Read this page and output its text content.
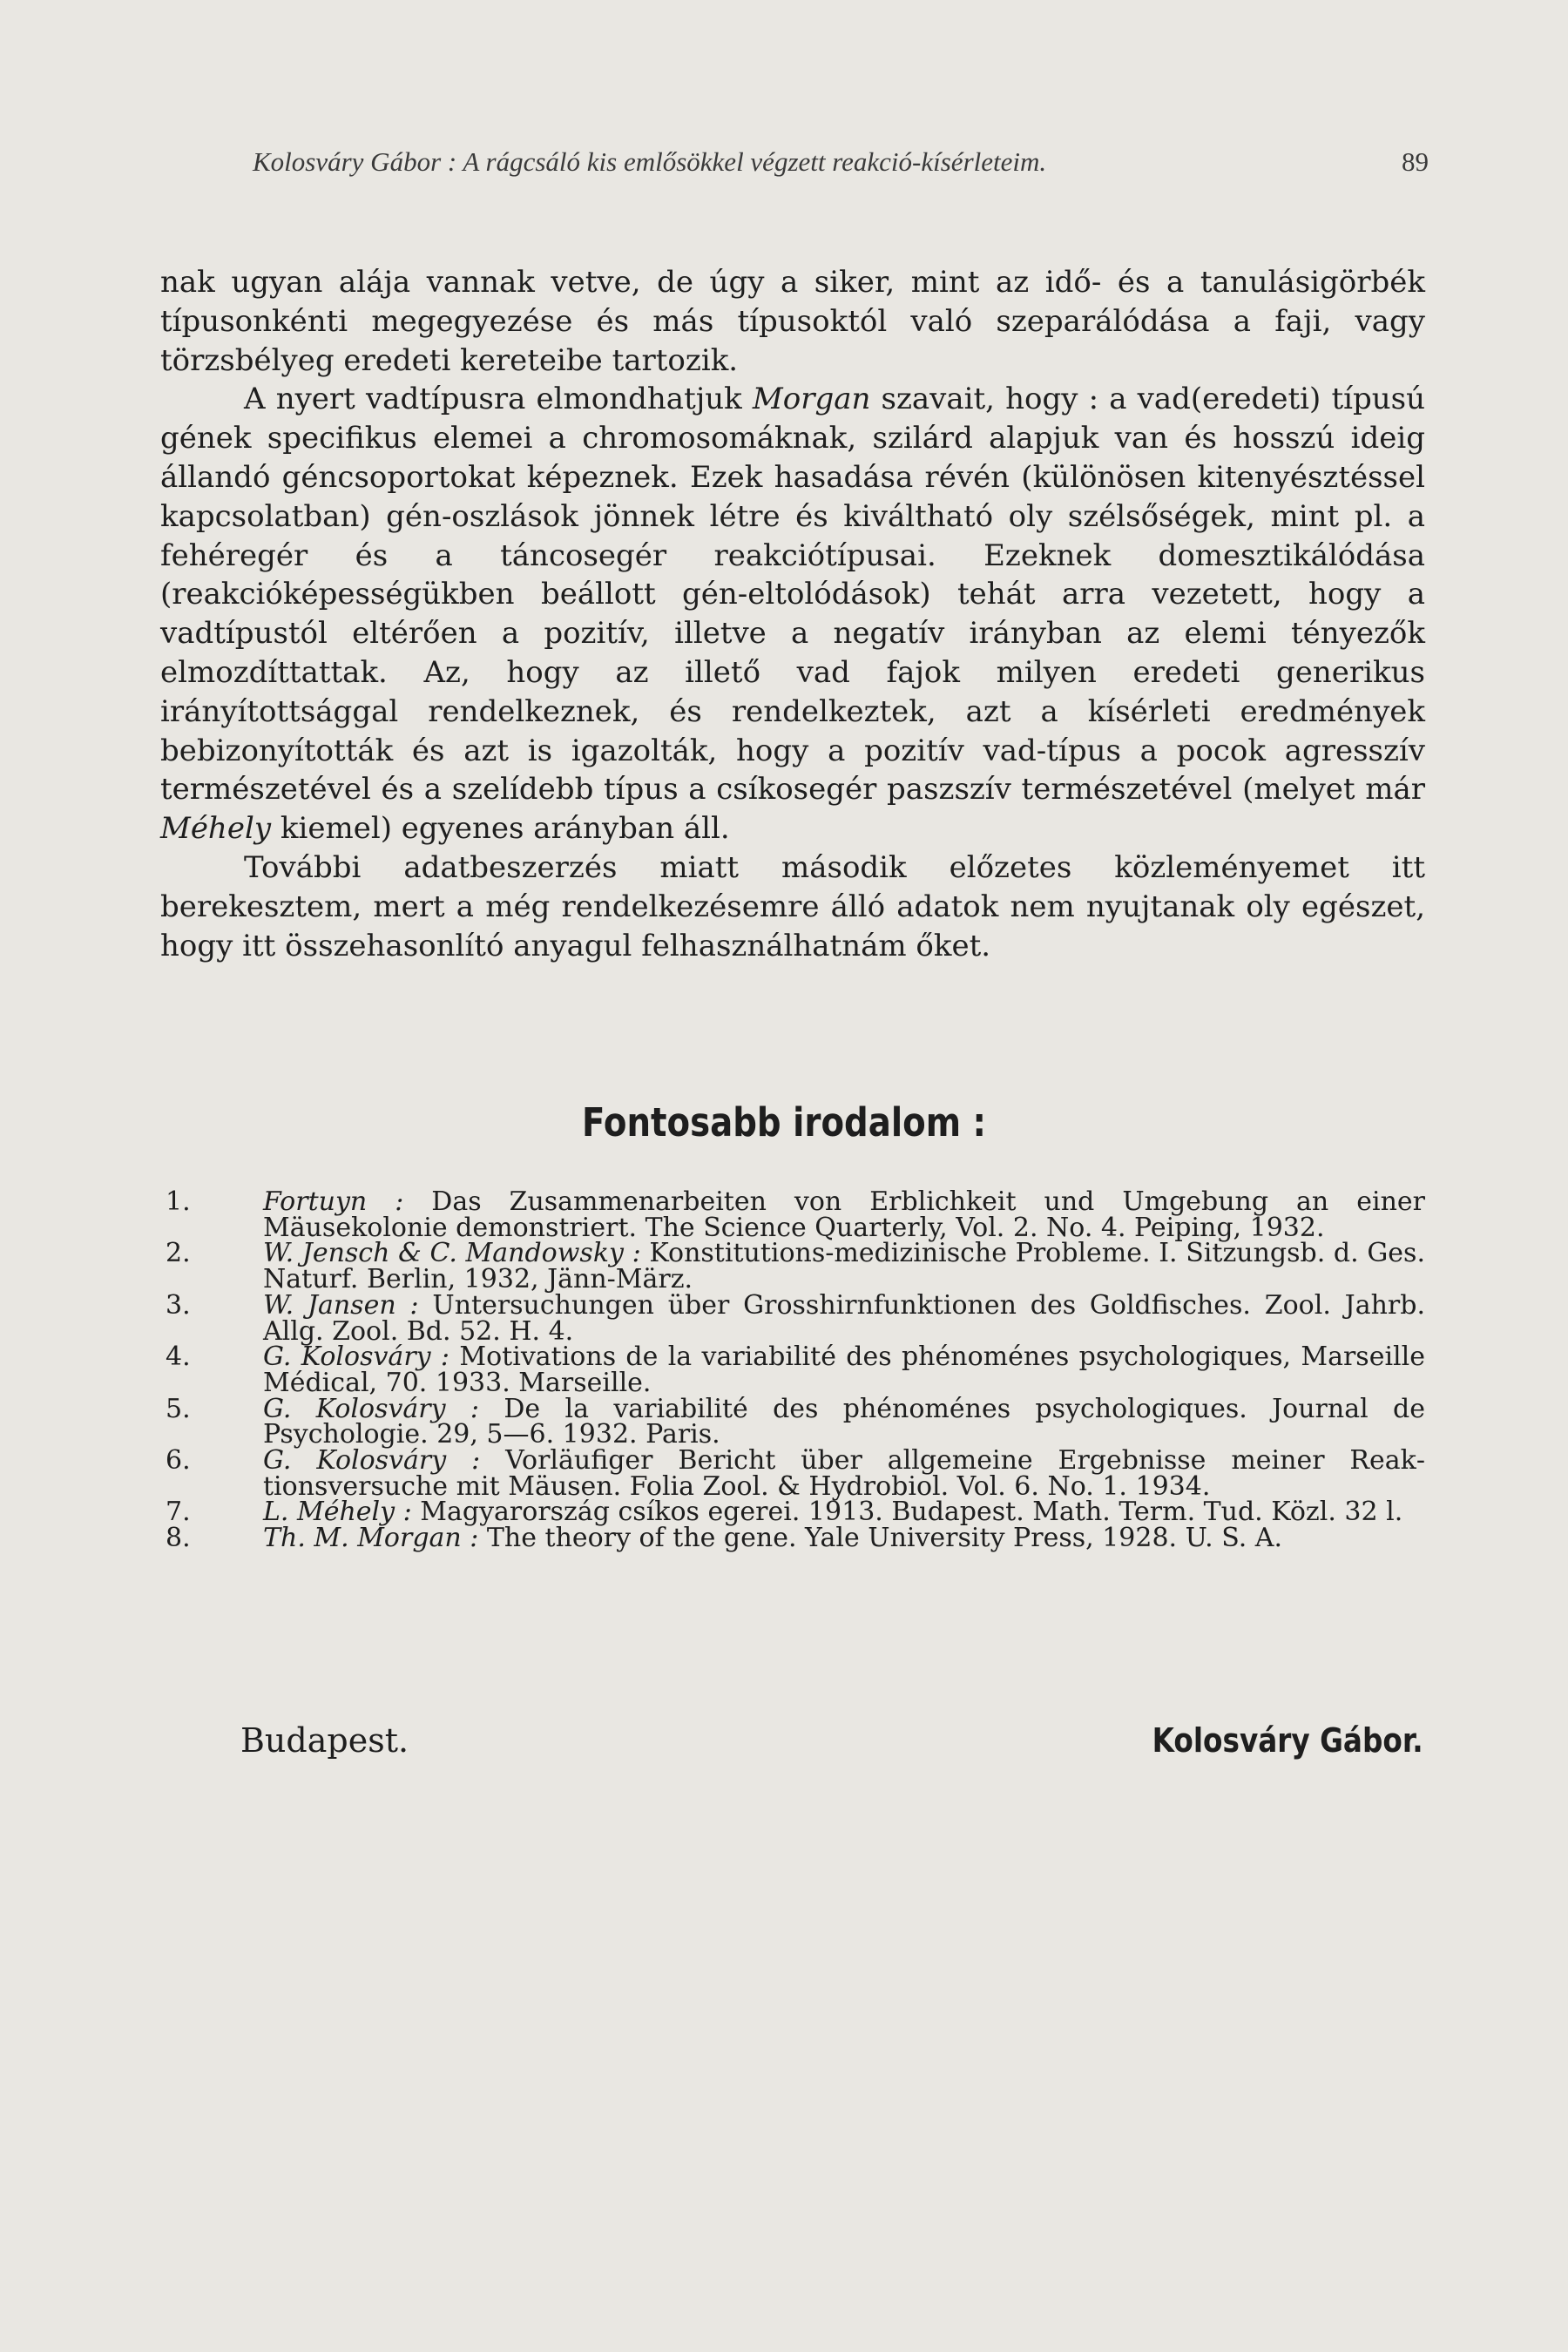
Kolosváry Gábor : A rágcsáló kis emlősökkel végzett reakció-kísérleteim.	89

nak ugyan alája vannak vetve, de úgy a siker, mint az idő- és a tanulásigörbék típusonkénti megegyezése és más típusoktól való szeparálódása a faji, vagy törzsbélyeg eredeti kereteibe tartozik.

A nyert vadtípusra elmondhatjuk Morgan szavait, hogy : a vad(eredeti) típusú gének specifikus elemei a chromosomáknak, szilárd alapjuk van és hosszú ideig állandó géncsoportokat képeznek. Ezek hasadása révén (különösen kitenyésztéssel kapcsolatban) gén-oszlások jönnek létre és kiváltható oly szélsőségek, mint pl. a fehéregér és a táncosegér reakciótípusai. Ezeknek domesztikálódása (reakcióképességükben beállott gén-eltolódások) tehát arra vezetett, hogy a vadtípustól eltérően a pozitív, illetve a negatív irányban az elemi tényezők elmozdíttattak. Az, hogy az illető vad fajok milyen eredeti generikus irányítottsággal rendelkeznek, és rendelkeztek, azt a kísérleti eredmények bebizonyították és azt is igazolták, hogy a pozitív vad-típus a pocok agresszív természetével és a szelídebb típus a csíkosegér paszszív természetével (melyet már Méhely kiemel) egyenes arányban áll.

További adatbeszerzés miatt második előzetes közleményemet itt berekesztem, mert a még rendelkezésemre álló adatok nem nyujtanak oly egészet, hogy itt összehasonlító anyagul felhasználhatnám őket.

Fontosabb irodalom :
1.	Fortuyn : Das Zusammenarbeiten von Erblichkeit und Umgebung an einer Mäusekolonie demonstriert. The Science Quarterly, Vol. 2. No. 4. Peiping, 1932.
2.	W. Jensch & C. Mandowsky : Konstitutions-medizinische Probleme. I. Sitzungsb. d. Ges. Naturf. Berlin, 1932, Jänn-März.
3.	W. Jansen : Untersuchungen über Grosshirnfunktionen des Goldfisches. Zool. Jahrb. Allg. Zool. Bd. 52. H. 4.
4.	G. Kolosváry : Motivations de la variabilité des phénoménes psychologiques, Marseille Médical, 70. 1933. Marseille.
5.	G. Kolosváry : De la variabilité des phénoménes psychologiques. Journal de Psychologie. 29, 5—6. 1932. Paris.
6.	G. Kolosváry : Vorläufiger Bericht über allgemeine Ergebnisse meiner Reaktionsversuche mit Mäusen. Folia Zool. & Hydrobiol. Vol. 6. No. 1. 1934.
7.	L. Méhely : Magyarország csíkos egerei. 1913. Budapest. Math. Term. Tud. Közl. 32 l.
8.	Th. M. Morgan : The theory of the gene. Yale University Press, 1928. U. S. A.
Budapest.	Kolosváry Gábor.
